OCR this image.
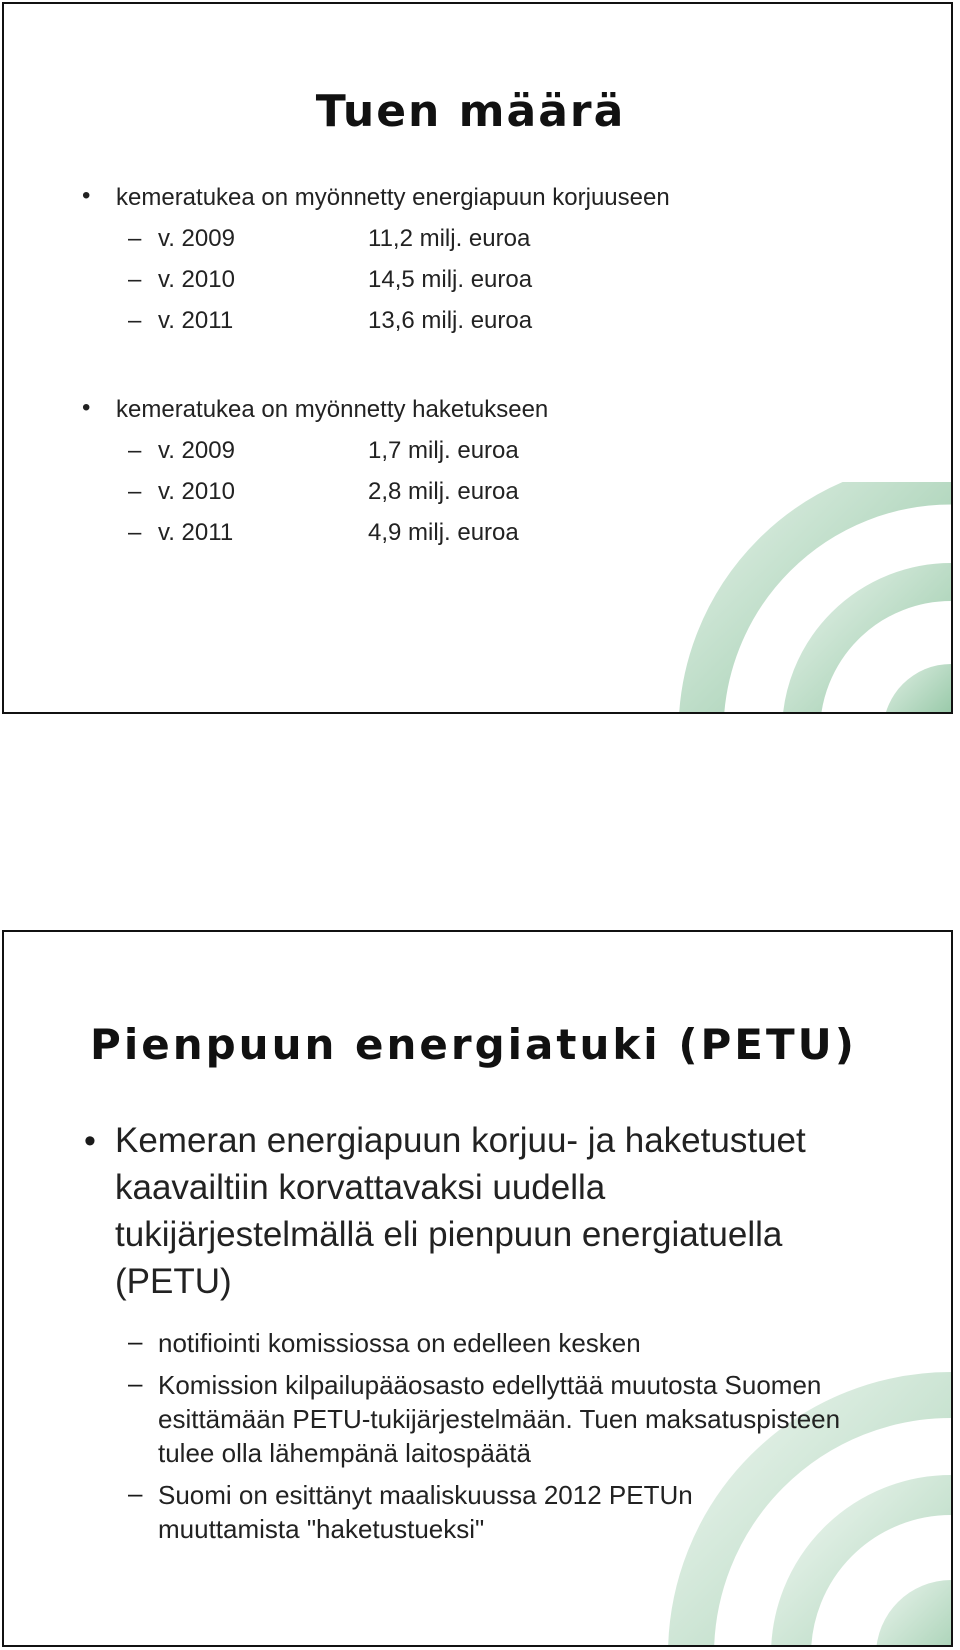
Tuen määrä
• kemeratukea on myönnetty energiapuun korjuuseen
– v. 2009	11,2 milj. euroa
– v. 2010	14,5 milj. euroa
– v. 2011	13,6 milj. euroa
• kemeratukea on myönnetty haketukseen
– v. 2009	1,7 milj. euroa
– v. 2010	2,8 milj. euroa
– v. 2011	4,9 milj. euroa
Pienpuun energiatuki (PETU)
• Kemeran energiapuun korjuu- ja haketustuet kaavailtiin korvattavaksi uudella tukijärjestelmällä eli pienpuun energiatuella (PETU)
– notifiointi komissiossa on edelleen kesken
– Komission kilpailupääosasto edellyttää muutosta Suomen esittämään PETU-tukijärjestelmään. Tuen maksatuspisteen tulee olla lähempänä laitospäätä
– Suomi on esittänyt maaliskuussa 2012 PETUn muuttamista "haketustueksi"
